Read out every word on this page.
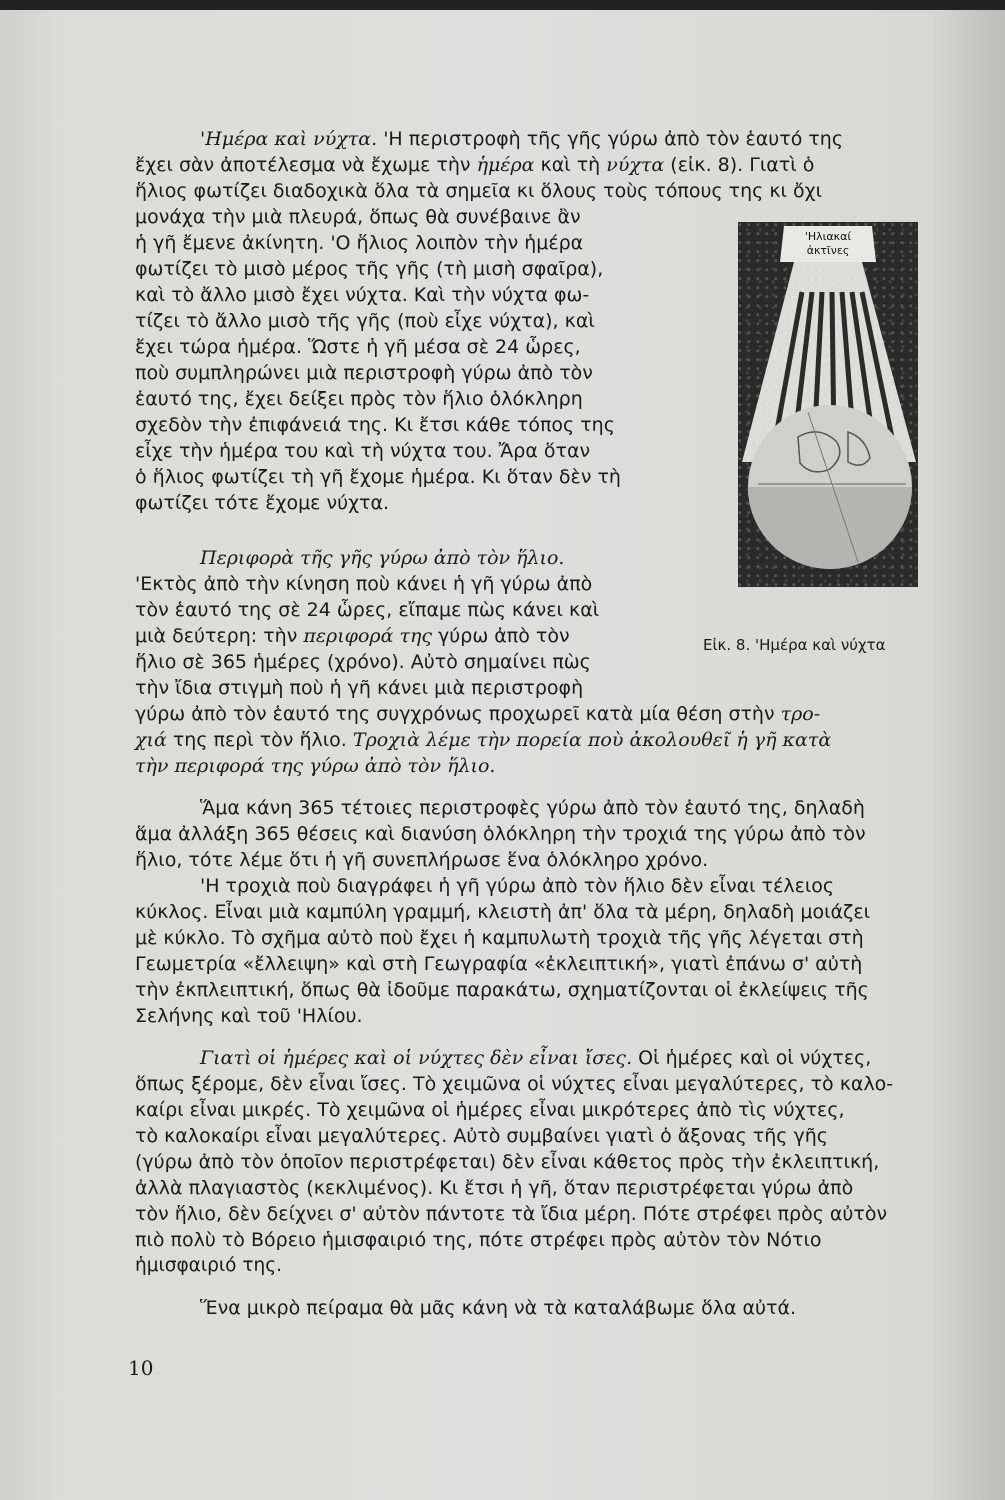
'Ημέρα καὶ νύχτα. 'Η περιστροφὴ τῆς γῆς γύρω ἀπὸ τὸν ἑαυτό της
ἔχει σὰν ἀποτέλεσμα νὰ ἔχωμε τὴν ἡμέρα καὶ τὴ νύχτα (εἰκ. 8). Γιατὶ ὁ
ἥλιος φωτίζει διαδοχικὰ ὅλα τὰ σημεῖα κι ὅλους τοὺς τόπους της κι ὄχι
μονάχα τὴν μιὰ πλευρά, ὅπως θὰ συνέβαινε ἂν
ἡ γῆ ἔμενε ἀκίνητη. 'Ο ἥλιος λοιπὸν τὴν ἡμέρα
φωτίζει τὸ μισὸ μέρος τῆς γῆς (τὴ μισὴ σφαῖρα),
καὶ τὸ ἄλλο μισὸ ἔχει νύχτα. Καὶ τὴν νύχτα φω-
τίζει τὸ ἄλλο μισὸ τῆς γῆς (ποὺ εἶχε νύχτα), καὶ
ἔχει τώρα ἡμέρα. Ὥστε ἡ γῆ μέσα σὲ 24 ὧρες,
ποὺ συμπληρώνει μιὰ περιστροφὴ γύρω ἀπὸ τὸν
ἑαυτό της, ἔχει δείξει πρὸς τὸν ἥλιο ὁλόκληρη
σχεδὸν τὴν ἐπιφάνειά της. Κι ἔτσι κάθε τόπος της
εἶχε τὴν ἡμέρα του καὶ τὴ νύχτα του. Ἄρα ὅταν
ὁ ἥλιος φωτίζει τὴ γῆ ἔχομε ἡμέρα. Κι ὅταν δὲν τὴ
φωτίζει τότε ἔχομε νύχτα.
Περιφορὰ τῆς γῆς γύρω ἀπὸ τὸν ἥλιο.
'Εκτὸς ἀπὸ τὴν κίνηση ποὺ κάνει ἡ γῆ γύρω ἀπὸ
τὸν ἑαυτό της σὲ 24 ὧρες, εἴπαμε πὼς κάνει καὶ
μιὰ δεύτερη: τὴν περιφορά της γύρω ἀπὸ τὸν
ἥλιο σὲ 365 ἡμέρες (χρόνο). Αὐτὸ σημαίνει πὼς
τὴν ἴδια στιγμὴ ποὺ ἡ γῆ κάνει μιὰ περιστροφὴ
γύρω ἀπὸ τὸν ἑαυτό της συγχρόνως προχωρεῖ κατὰ μία θέση στὴν τρο-
χιά της περὶ τὸν ἥλιο. Τροχιὰ λέμε τὴν πορεία ποὺ ἀκολουθεῖ ἡ γῆ κατὰ
τὴν περιφορά της γύρω ἀπὸ τὸν ἥλιο.
Ἅμα κάνη 365 τέτοιες περιστροφὲς γύρω ἀπὸ τὸν ἑαυτό της, δηλαδὴ
ἅμα ἀλλάξη 365 θέσεις καὶ διανύση ὁλόκληρη τὴν τροχιά της γύρω ἀπὸ τὸν
ἥλιο, τότε λέμε ὅτι ἡ γῆ συνεπλήρωσε ἕνα ὁλόκληρο χρόνο.
'Η τροχιὰ ποὺ διαγράφει ἡ γῆ γύρω ἀπὸ τὸν ἥλιο δὲν εἶναι τέλειος
κύκλος. Εἶναι μιὰ καμπύλη γραμμή, κλειστὴ ἀπ' ὅλα τὰ μέρη, δηλαδὴ μοιάζει
μὲ κύκλο. Τὸ σχῆμα αὐτὸ ποὺ ἔχει ἡ καμπυλωτὴ τροχιὰ τῆς γῆς λέγεται στὴ
Γεωμετρία «ἔλλειψη» καὶ στὴ Γεωγραφία «ἐκλειπτική», γιατὶ ἐπάνω σ' αὐτὴ
τὴν ἐκπλειπτική, ὅπως θὰ ἰδοῦμε παρακάτω, σχηματίζονται οἱ ἐκλείψεις τῆς
Σελήνης καὶ τοῦ 'Ηλίου.
Γιατὶ οἱ ἡμέρες καὶ οἱ νύχτες δὲν εἶναι ἴσες. Οἱ ἡμέρες καὶ οἱ νύχτες,
ὅπως ξέρομε, δὲν εἶναι ἴσες. Τὸ χειμῶνα οἱ νύχτες εἶναι μεγαλύτερες, τὸ καλο-
καίρι εἶναι μικρές. Τὸ χειμῶνα οἱ ἡμέρες εἶναι μικρότερες ἀπὸ τὶς νύχτες,
τὸ καλοκαίρι εἶναι μεγαλύτερες. Αὐτὸ συμβαίνει γιατὶ ὁ ἄξονας τῆς γῆς
(γύρω ἀπὸ τὸν ὁποῖον περιστρέφεται) δὲν εἶναι κάθετος πρὸς τὴν ἐκλειπτική,
ἀλλὰ πλαγιαστὸς (κεκλιμένος). Κι ἔτσι ἡ γῆ, ὅταν περιστρέφεται γύρω ἀπὸ
τὸν ἥλιο, δὲν δείχνει σ' αὐτὸν πάντοτε τὰ ἴδια μέρη. Πότε στρέφει πρὸς αὐτὸν
πιὸ πολὺ τὸ Βόρειο ἡμισφαιριό της, πότε στρέφει πρὸς αὐτὸν τὸν Νότιο
ἡμισφαιριό της.
Ἕνα μικρὸ πείραμα θὰ μᾶς κάνη νὰ τὰ καταλάβωμε ὅλα αὐτά.
'Ηλιακαί
ἀκτῖνες
Β
Εἰκ. 8. 'Ημέρα καὶ νύχτα
10
